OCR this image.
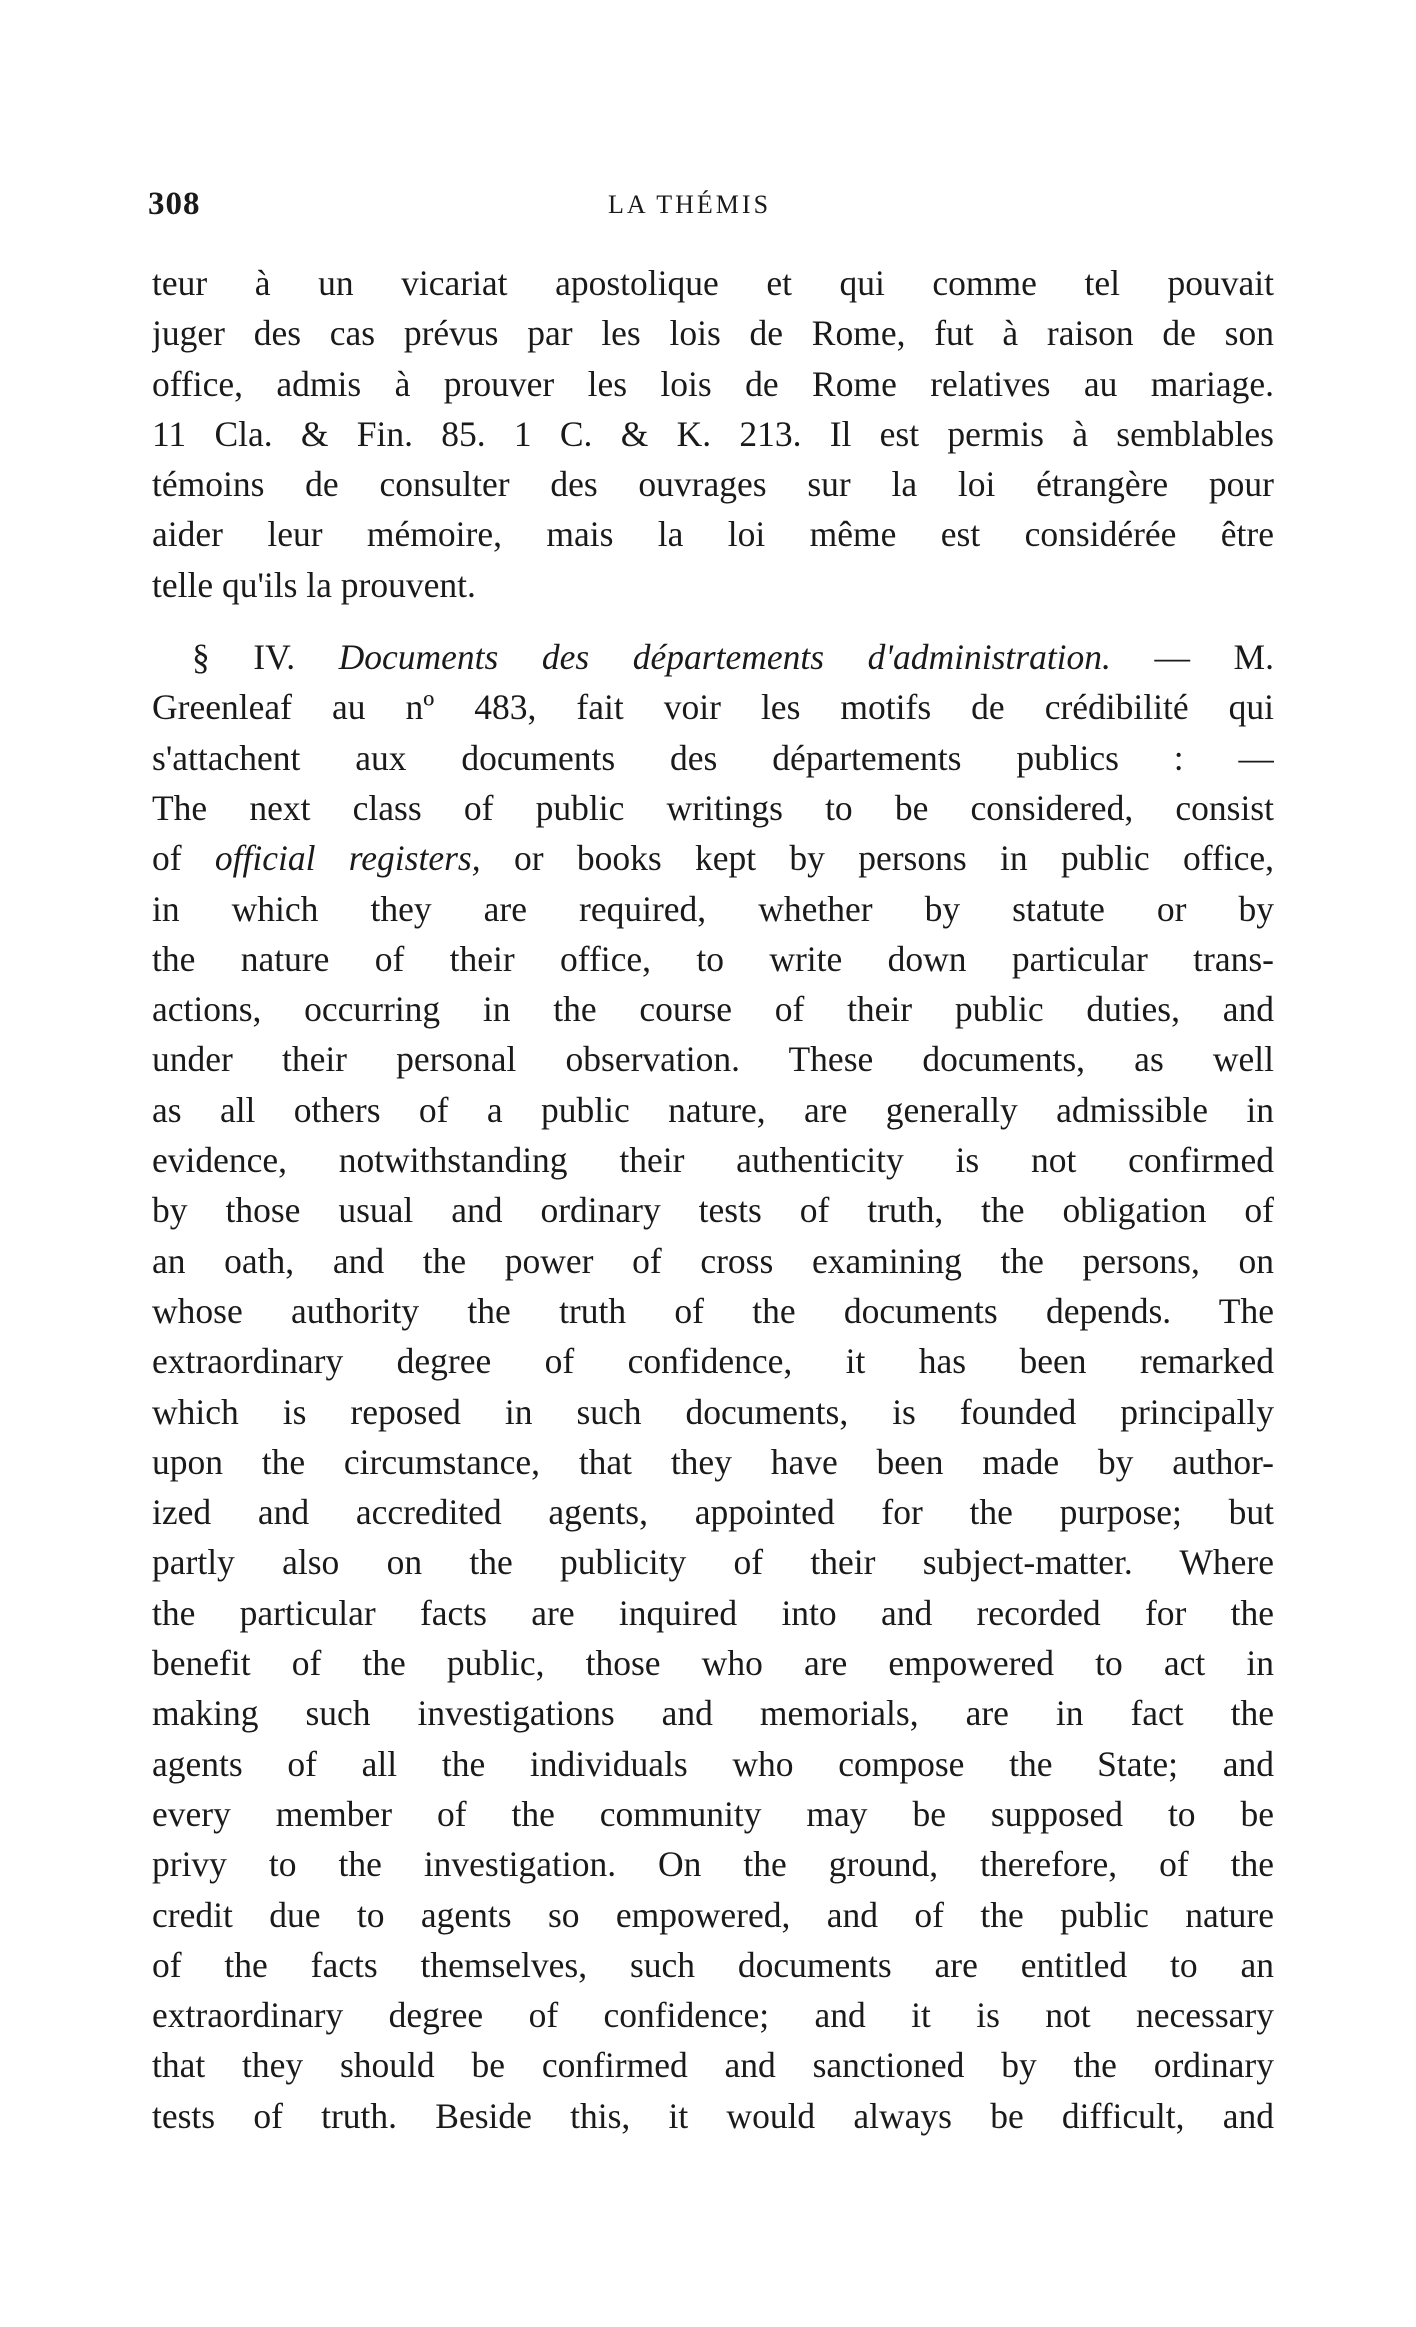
308	LA THÉMIS
teur à un vicariat apostolique et qui comme tel pouvait
juger des cas prévus par les lois de Rome, fut à raison de son
office, admis à prouver les lois de Rome relatives au mariage.
11 Cla. & Fin. 85. 1 C. & K. 213. Il est permis à semblables
témoins de consulter des ouvrages sur la loi étrangère pour
aider leur mémoire, mais la loi même est considérée être
telle qu'ils la prouvent.
§ IV. Documents des départements d'administration. — M.
Greenleaf au nº 483, fait voir les motifs de crédibilité qui
s'attachent aux documents des départements publics : —
The next class of public writings to be considered, consist
of official registers, or books kept by persons in public office,
in which they are required, whether by statute or by
the nature of their office, to write down particular trans-
actions, occurring in the course of their public duties, and
under their personal observation. These documents, as well
as all others of a public nature, are generally admissible in
evidence, notwithstanding their authenticity is not confirmed
by those usual and ordinary tests of truth, the obligation of
an oath, and the power of cross examining the persons, on
whose authority the truth of the documents depends. The
extraordinary degree of confidence, it has been remarked
which is reposed in such documents, is founded principally
upon the circumstance, that they have been made by author-
ized and accredited agents, appointed for the purpose; but
partly also on the publicity of their subject-matter. Where
the particular facts are inquired into and recorded for the
benefit of the public, those who are empowered to act in
making such investigations and memorials, are in fact the
agents of all the individuals who compose the State; and
every member of the community may be supposed to be
privy to the investigation. On the ground, therefore, of the
credit due to agents so empowered, and of the public nature
of the facts themselves, such documents are entitled to an
extraordinary degree of confidence; and it is not necessary
that they should be confirmed and sanctioned by the ordinary
tests of truth. Beside this, it would always be difficult, and
